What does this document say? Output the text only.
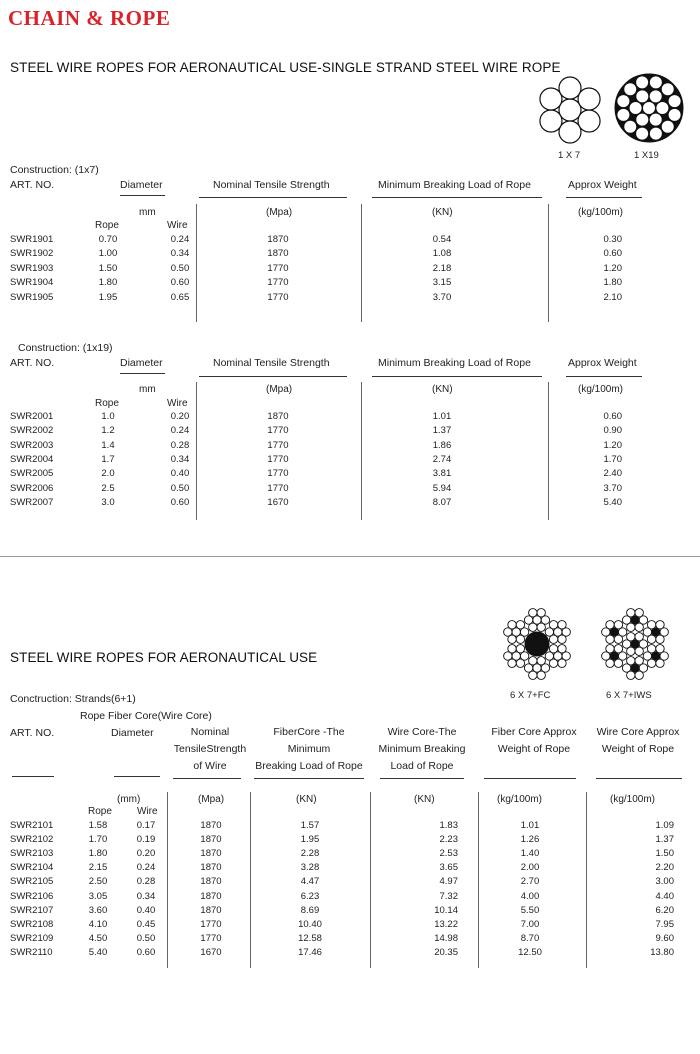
CHAIN & ROPE
STEEL WIRE ROPES FOR AERONAUTICAL USE-SINGLE STRAND STEEL WIRE ROPE
1 X 7	1 X19
Construction: (1x7)
ART. NO.	Diameter	Nominal Tensile Strength	Minimum Breaking Load of Rope	Approx Weight
mm	(Mpa)	(KN)	(kg/100m)
Rope	Wire
SWR1901	0.70	0.24	1870	0.54	0.30
SWR1902	1.00	0.34	1870	1.08	0.60
SWR1903	1.50	0.50	1770	2.18	1.20
SWR1904	1.80	0.60	1770	3.15	1.80
SWR1905	1.95	0.65	1770	3.70	2.10
Construction: (1x19)
ART. NO.	Diameter	Nominal Tensile Strength	Minimum Breaking Load of Rope	Approx Weight
mm	(Mpa)	(KN)	(kg/100m)
Rope	Wire
SWR2001	1.0	0.20	1870	1.01	0.60
SWR2002	1.2	0.24	1770	1.37	0.90
SWR2003	1.4	0.28	1770	1.86	1.20
SWR2004	1.7	0.34	1770	2.74	1.70
SWR2005	2.0	0.40	1770	3.81	2.40
SWR2006	2.5	0.50	1770	5.94	3.70
SWR2007	3.0	0.60	1670	8.07	5.40
6 X 7+FC	6 X 7+IWS
STEEL WIRE ROPES FOR AERONAUTICAL USE
Conctruction: Strands(6+1)
Rope Fiber Core(Wire Core)
ART. NO.	Diameter	Nominal
TensileStrength
of Wire
FiberCore -The
Minimum
Breaking Load of Rope
Wire Core-The
Minimum Breaking
Load of Rope
Fiber Core Approx
Weight of Rope
Wire Core Approx
Weight of Rope
(mm)	(Mpa)	(KN)	(KN)	(kg/100m)	(kg/100m)
Rope	Wire
SWR2101	1.58	0.17	1870	1.57	1.83	1.01	1.09
SWR2102	1.70	0.19	1870	1.95	2.23	1.26	1.37
SWR2103	1.80	0.20	1870	2.28	2.53	1.40	1.50
SWR2104	2.15	0.24	1870	3.28	3.65	2.00	2.20
SWR2105	2.50	0.28	1870	4.47	4.97	2.70	3.00
SWR2106	3.05	0.34	1870	6.23	7.32	4.00	4.40
SWR2107	3.60	0.40	1870	8.69	10.14	5.50	6.20
SWR2108	4.10	0.45	1770	10.40	13.22	7.00	7.95
SWR2109	4.50	0.50	1770	12.58	14.98	8.70	9.60
SWR2110	5.40	0.60	1670	17.46	20.35	12.50	13.80
